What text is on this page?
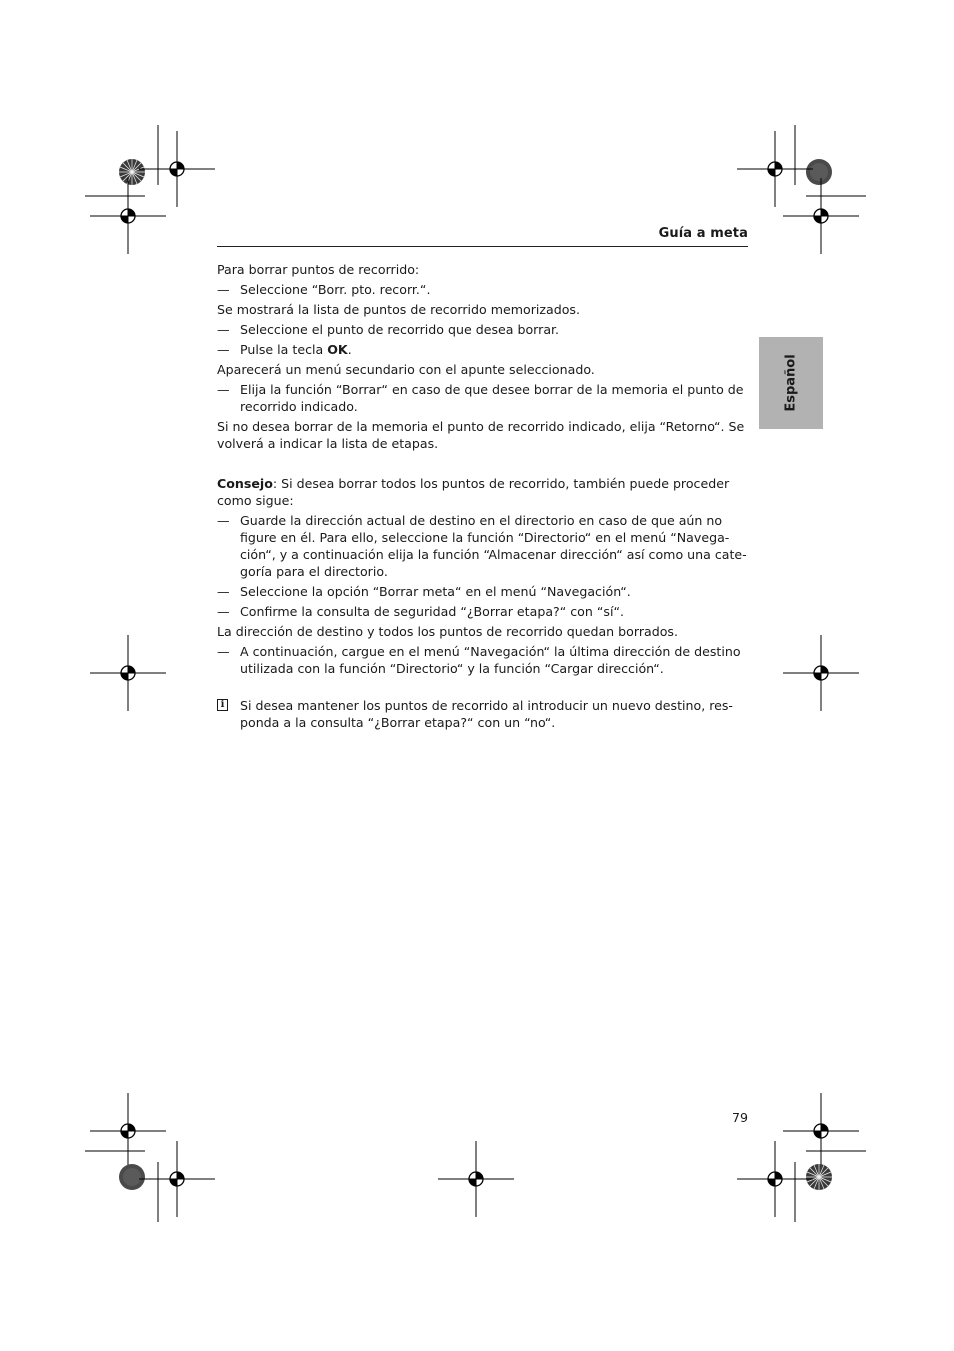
Guía a meta
Español

Para borrar puntos de recorrido:

— Seleccione “Borr. pto. recorr.“.

Se mostrará la lista de puntos de recorrido memorizados.

— Seleccione el punto de recorrido que desea borrar.
— Pulse la tecla OK.

Aparecerá un menú secundario con el apunte seleccionado.

— Elija la función “Borrar“ en caso de que desee borrar de la memoria el punto de recorrido indicado.

Si no desea borrar de la memoria el punto de recorrido indicado, elija “Retorno“. Se volverá a indicar la lista de etapas.

Consejo: Si desea borrar todos los puntos de recorrido, también puede proceder como sigue:

— Guarde la dirección actual de destino en el directorio en caso de que aún no figure en él. Para ello, seleccione la función “Directorio“ en el menú “Navega-ción“, y a continuación elija la función “Almacenar dirección“ así como una cate-goría para el directorio.
— Seleccione la opción “Borrar meta“ en el menú “Navegación“.
— Confirme la consulta de seguridad “¿Borrar etapa?“ con “sí“.

La dirección de destino y todos los puntos de recorrido quedan borrados.

— A continuación, cargue en el menú “Navegación“ la última dirección de destino utilizada con la función “Directorio“ y la función “Cargar dirección“.
i Si desea mantener los puntos de recorrido al introducir un nuevo destino, res-ponda a la consulta “¿Borrar etapa?“ con un “no“.
79
